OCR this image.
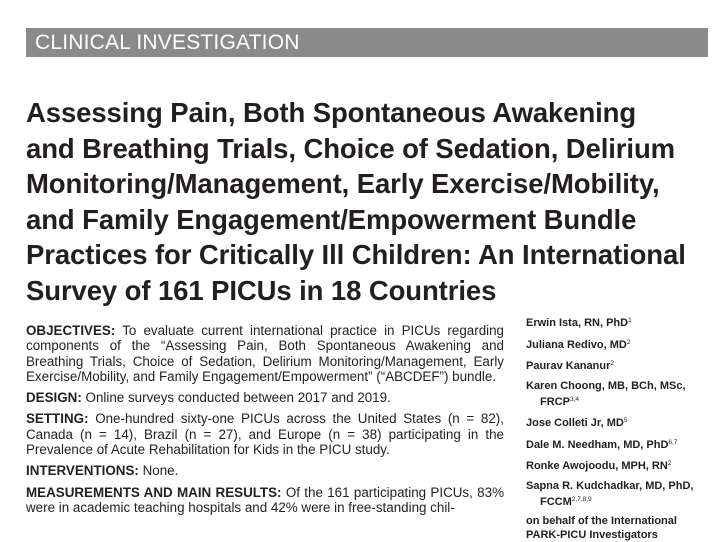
CLINICAL INVESTIGATION
Assessing Pain, Both Spontaneous Awakening
and Breathing Trials, Choice of Sedation, Delirium
Monitoring/Management, Early Exercise/Mobility,
and Family Engagement/Empowerment Bundle
Practices for Critically Ill Children: An International
Survey of 161 PICUs in 18 Countries

OBJECTIVES: To evaluate current international practice in PICUs regarding components of the “Assessing Pain, Both Spontaneous Awakening and Breathing Trials, Choice of Sedation, Delirium Monitoring/Management, Early Exercise/Mobility, and Family Engagement/Empowerment” (“ABCDEF”) bundle.

DESIGN: Online surveys conducted between 2017 and 2019.

SETTING: One-hundred sixty-one PICUs across the United States (n = 82), Canada (n = 14), Brazil (n = 27), and Europe (n = 38) participating in the Prevalence of Acute Rehabilitation for Kids in the PICU study.

INTERVENTIONS: None.

MEASUREMENTS AND MAIN RESULTS: Of the 161 participating PICUs, 83% were in academic teaching hospitals and 42% were in free-standing chil-

Erwin Ista, RN, PhD$^1$
Juliana Redivo, $MD^2$
Paurav Kananur$^2$
Karen Choong, MB, BCh, MSc,
FRCP$^{3,4}$
Jose Colleti Jr, $MD^5$
Dale M. Needham, MD, PhD$^{6,7}$
Ronke Awojoodu, MPH, $RN^2$
Sapna R. Kudchadkar, MD, PhD,
FCCM$^{2,7,8,9}$
on behalf of the International
PARK-PICU Investigators
